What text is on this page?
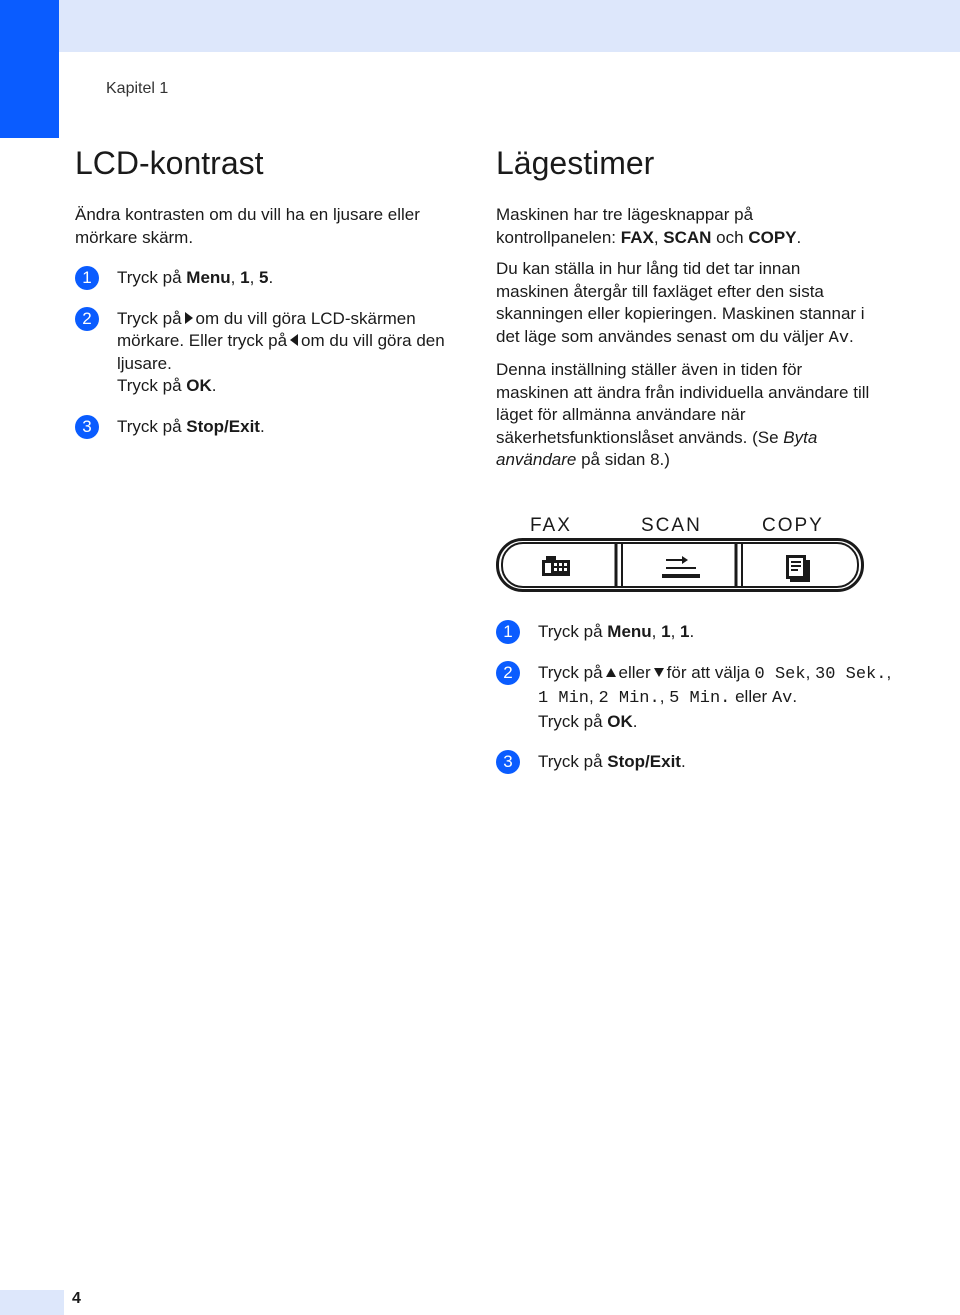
Kapitel 1
LCD-kontrast

Ändra kontrasten om du vill ha en ljusare eller mörkare skärm.

1	Tryck på Menu, 1, 5.
2	Tryck på om du vill göra LCD-skärmen mörkare. Eller tryck på om du vill göra den ljusare.
Tryck på OK.
3	Tryck på Stop/Exit.
Lägestimer

Maskinen har tre lägesknappar på kontrollpanelen: FAX, SCAN och COPY.

Du kan ställa in hur lång tid det tar innan maskinen återgår till faxläget efter den sista skanningen eller kopieringen. Maskinen stannar i det läge som användes senast om du väljer Av.

Denna inställning ställer även in tiden för maskinen att ändra från individuella användare till läget för allmänna användare när säkerhetsfunktionslåset används. (Se Byta användare på sidan 8.)

FAX	SCAN	COPY
1	Tryck på Menu, 1, 1.
2	Tryck på eller för att välja 0 Sek, 30 Sek., 1 Min, 2 Min., 5 Min. eller Av.
Tryck på OK.
3	Tryck på Stop/Exit.
4
